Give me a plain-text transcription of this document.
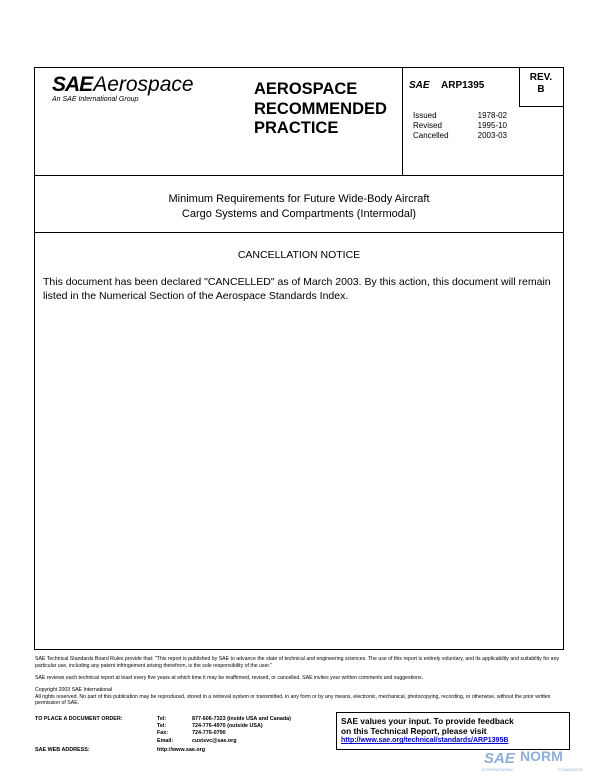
SAEAerospace
An SAE International Group
AEROSPACE
RECOMMENDED
PRACTICE
SAE ARP1395
REV.
B
Issued	1978-02
Revised	1995-10
Cancelled	2003-03
Minimum Requirements for Future Wide-Body Aircraft
Cargo Systems and Compartments (Intermodal)
CANCELLATION NOTICE
This document has been declared "CANCELLED" as of March 2003. By this action, this document will remain listed in the Numerical Section of the Aerospace Standards Index.
SAE Technical Standards Board Rules provide that: "This report is published by SAE to advance the state of technical and engineering sciences. The use of this report is entirely voluntary, and its applicability and suitability for any particular use, including any patent infringement arising therefrom, is the sole responsibility of the user."
SAE reviews each technical report at least every five years at which time it may be reaffirmed, revised, or cancelled. SAE invites your written comments and suggestions.
Copyright 2003 SAE International
All rights reserved. No part of this publication may be reproduced, stored in a retrieval system or transmitted, in any form or by any means, electronic, mechanical, photocopying, recording, or otherwise, without the prior written permission of SAE.
TO PLACE A DOCUMENT ORDER:	Tel:	877-606-7323 (inside USA and Canada)
Tel:	724-776-4970 (outside USA)
Fax:	724-776-0790
Email:	custsvc@sae.org
SAE WEB ADDRESS:	http://www.sae.org
SAE values your input. To provide feedback
on this Technical Report, please visit
http://www.sae.org/technical/standards/ARP1395B
SAE NORM
INTERNATIONAL	STANDARDS
